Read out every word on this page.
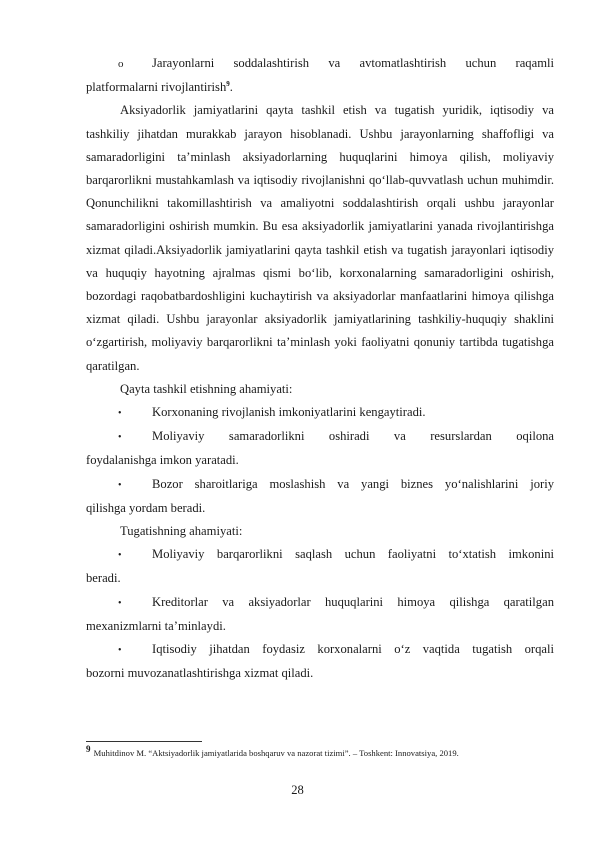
o	Jarayonlarni soddalashtirish va avtomatlashtirish uchun raqamli
platformalarni rivojlantirish$^9$.

Aksiyadorlik jamiyatlarini qayta tashkil etish va tugatish yuridik, iqtisodiy va tashkiliy jihatdan murakkab jarayon hisoblanadi. Ushbu jarayonlarning shaffofligi va samaradorligini ta’minlash aksiyadorlarning huquqlarini himoya qilish, moliyaviy barqarorlikni mustahkamlash va iqtisodiy rivojlanishni qo‘llab-quvvatlash uchun muhimdir. Qonunchilikni takomillashtirish va amaliyotni soddalashtirish orqali ushbu jarayonlar samaradorligini oshirish mumkin. Bu esa aksiyadorlik jamiyatlarini yanada rivojlantirishga xizmat qiladi.Aksiyadorlik jamiyatlarini qayta tashkil etish va tugatish jarayonlari iqtisodiy va huquqiy hayotning ajralmas qismi bo‘lib, korxonalarning samaradorligini oshirish, bozordagi raqobatbardoshligini kuchaytirish va aksiyadorlar manfaatlarini himoya qilishga xizmat qiladi. Ushbu jarayonlar aksiyadorlik jamiyatlarining tashkiliy-huquqiy shaklini o‘zgartirish, moliyaviy barqarorlikni ta’minlash yoki faoliyatni qonuniy tartibda tugatishga qaratilgan.

Qayta tashkil etishning ahamiyati:

•	Korxonaning rivojlanish imkoniyatlarini kengaytiradi.
•	Moliyaviy samaradorlikni oshiradi va resurslardan oqilona
foydalanishga imkon yaratadi.
•	Bozor sharoitlariga moslashish va yangi biznes yo‘nalishlarini joriy
qilishga yordam beradi.

Tugatishning ahamiyati:

•	Moliyaviy barqarorlikni saqlash uchun faoliyatni to‘xtatish imkonini
beradi.
•	Kreditorlar va aksiyadorlar huquqlarini himoya qilishga qaratilgan
mexanizmlarni ta’minlaydi.
•	Iqtisodiy jihatdan foydasiz korxonalarni o‘z vaqtida tugatish orqali
bozorni muvozanatlashtirishga xizmat qiladi.
9 Muhitdinov M. “Aktsiyadorlik jamiyatlarida boshqaruv va nazorat tizimi”. – Toshkent: Innovatsiya, 2019.
28
